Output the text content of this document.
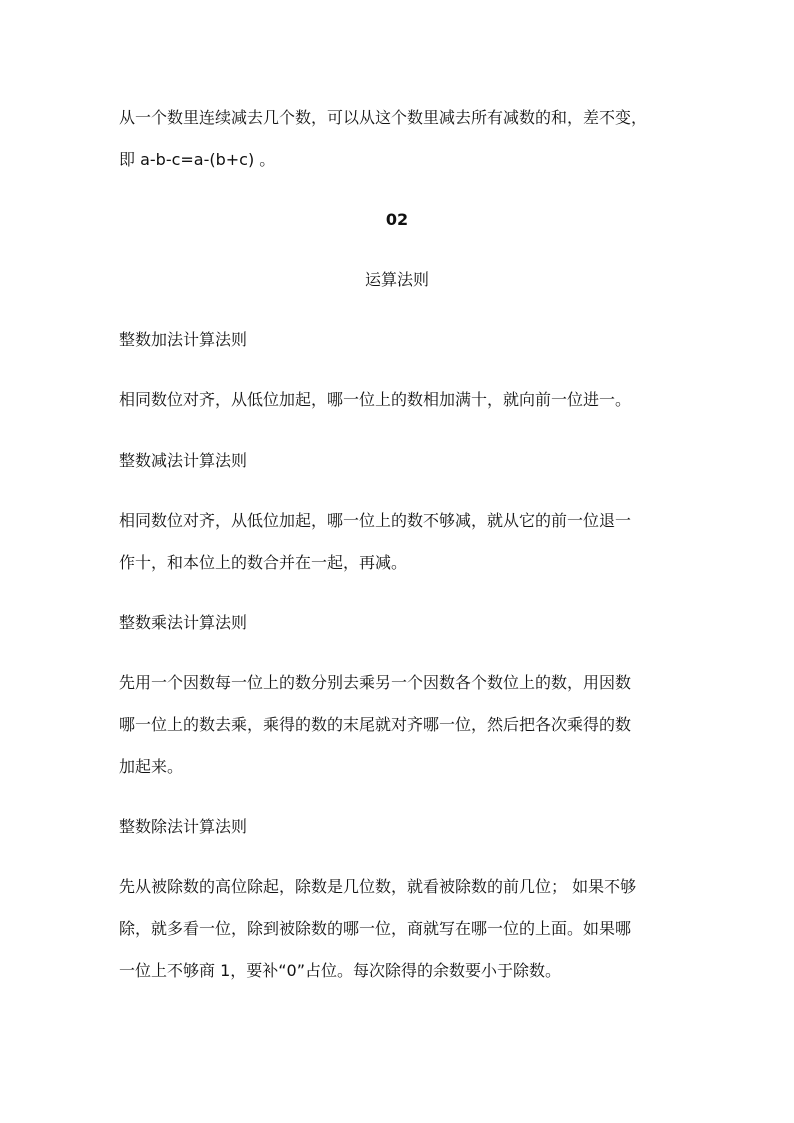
从一个数里连续减去几个数，可以从这个数里减去所有减数的和，差不变，
即 a-b-c=a-(b+c) 。
02
运算法则
整数加法计算法则
相同数位对齐，从低位加起，哪一位上的数相加满十，就向前一位进一。
整数减法计算法则
相同数位对齐，从低位加起，哪一位上的数不够减，就从它的前一位退一
作十，和本位上的数合并在一起，再减。
整数乘法计算法则
先用一个因数每一位上的数分别去乘另一个因数各个数位上的数，用因数
哪一位上的数去乘，乘得的数的末尾就对齐哪一位，然后把各次乘得的数
加起来。
整数除法计算法则
先从被除数的高位除起，除数是几位数，就看被除数的前几位； 如果不够
除，就多看一位，除到被除数的哪一位，商就写在哪一位的上面。如果哪
一位上不够商 1，要补“0”占位。每次除得的余数要小于除数。
